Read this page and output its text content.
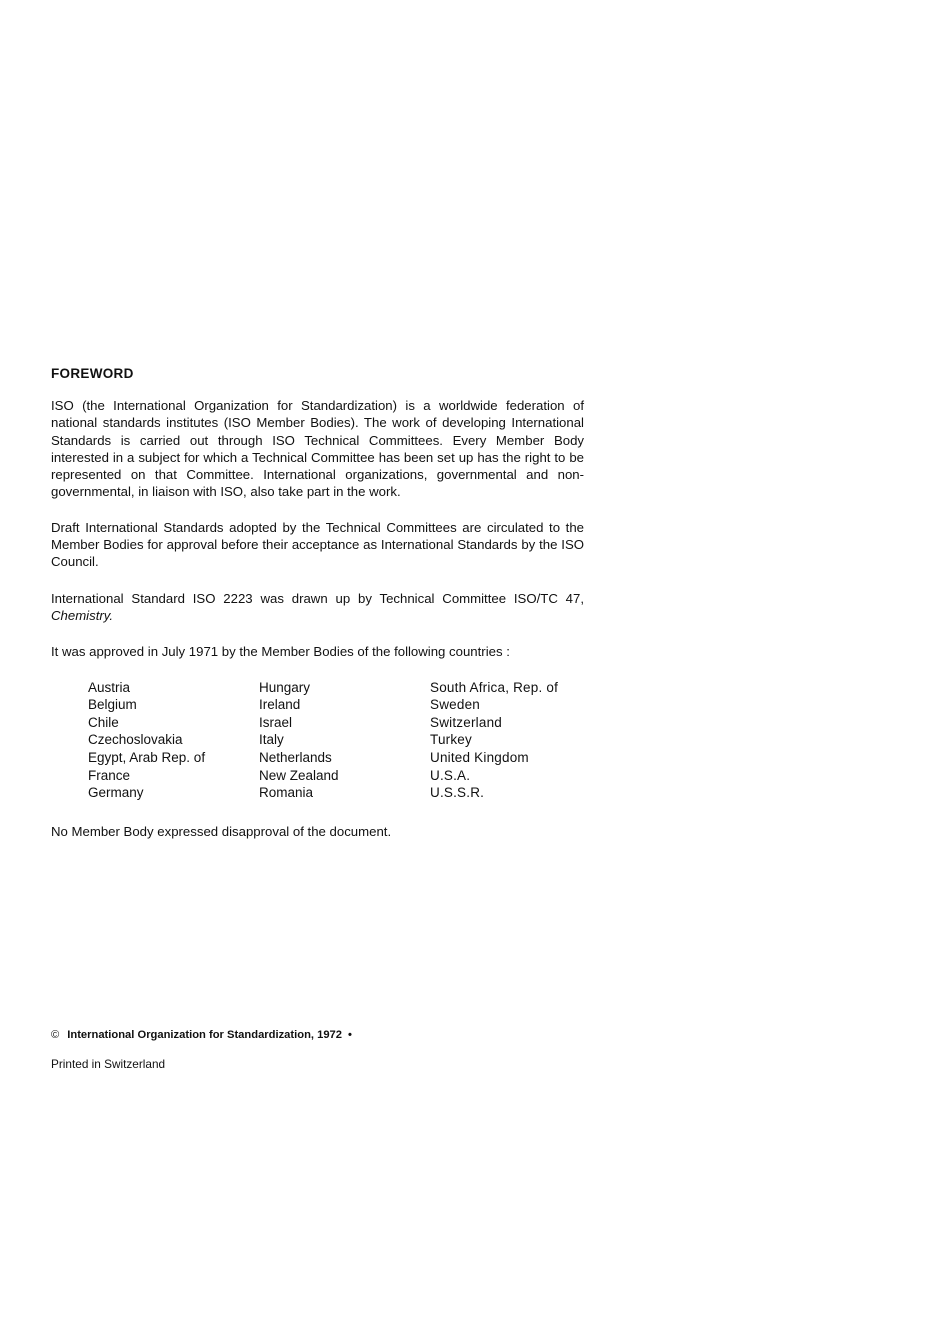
FOREWORD

ISO (the International Organization for Standardization) is a worldwide federation of national standards institutes (ISO Member Bodies). The work of developing International Standards is carried out through ISO Technical Committees. Every Member Body interested in a subject for which a Technical Committee has been set up has the right to be represented on that Committee. International organizations, governmental and non-governmental, in liaison with ISO, also take part in the work.

Draft International Standards adopted by the Technical Committees are circulated to the Member Bodies for approval before their acceptance as International Standards by the ISO Council.

International Standard ISO 2223 was drawn up by Technical Committee ISO/TC 47, Chemistry.

It was approved in July 1971 by the Member Bodies of the following countries :

Austria
Belgium
Chile
Czechoslovakia
Egypt, Arab Rep. of
France
Germany
Hungary
Ireland
Israel
Italy
Netherlands
New Zealand
Romania
South Africa, Rep. of
Sweden
Switzerland
Turkey
United Kingdom
U.S.A.
U.S.S.R.

No Member Body expressed disapproval of the document.

© International Organization for Standardization, 1972 •
Printed in Switzerland
